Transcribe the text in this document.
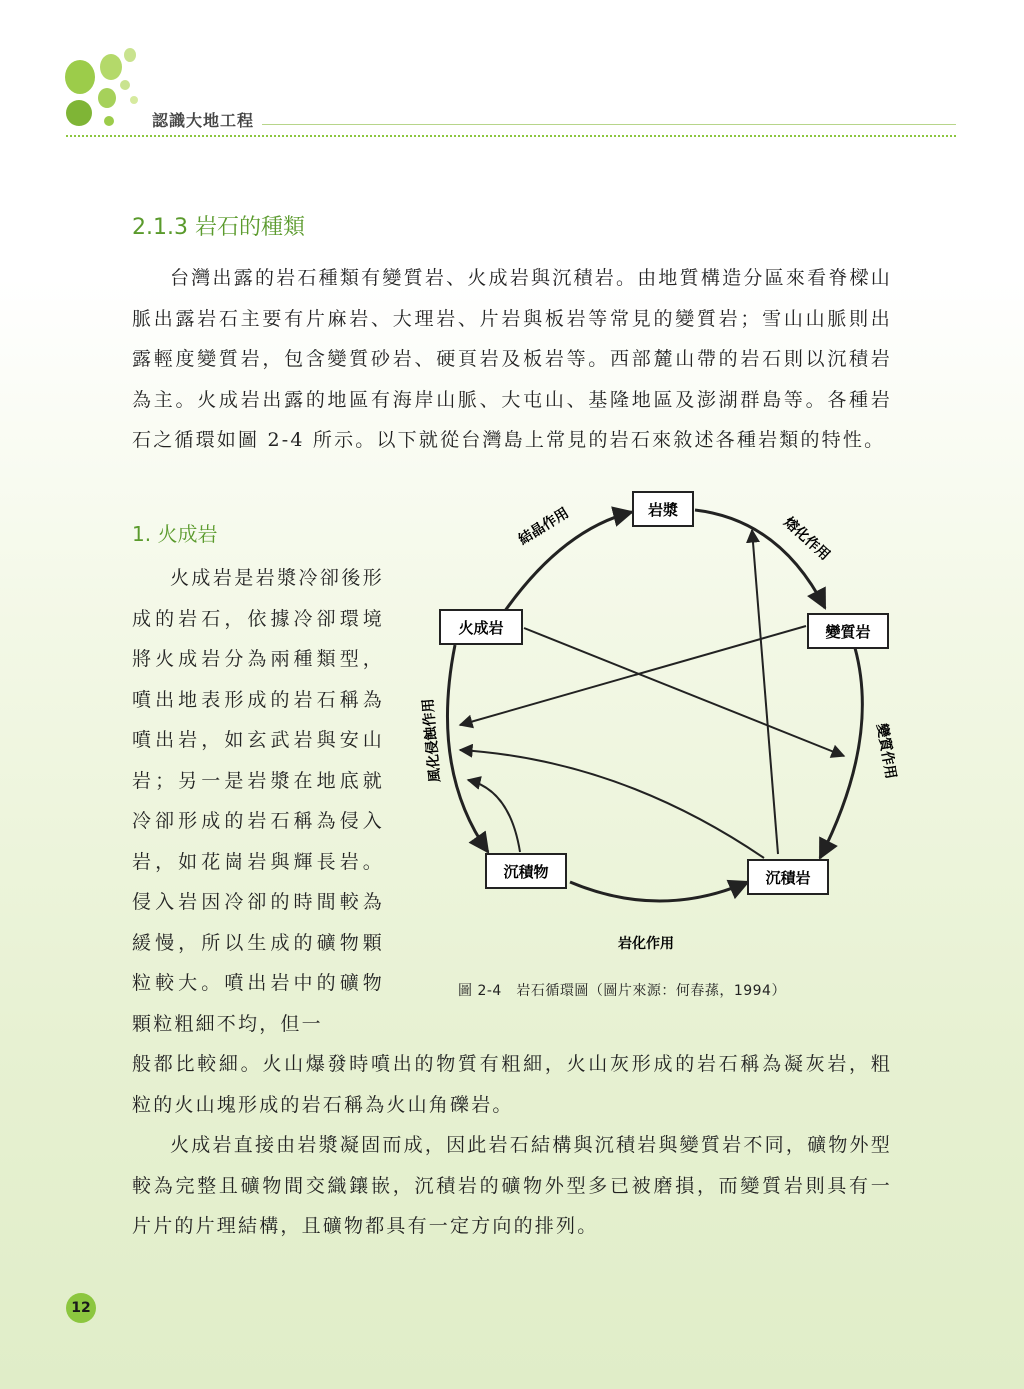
認識大地工程
2.1.3 岩石的種類

台灣出露的岩石種類有變質岩、火成岩與沉積岩。由地質構造分區來看脊樑山脈出露岩石主要有片麻岩、大理岩、片岩與板岩等常見的變質岩；雪山山脈則出露輕度變質岩，包含變質砂岩、硬頁岩及板岩等。西部麓山帶的岩石則以沉積岩為主。火成岩出露的地區有海岸山脈、大屯山、基隆地區及澎湖群島等。各種岩石之循環如圖 2-4 所示。以下就從台灣島上常見的岩石來敘述各種岩類的特性。

1. 火成岩

火成岩是岩漿冷卻後形成的岩石，依據冷卻環境將火成岩分為兩種類型，噴出地表形成的岩石稱為噴出岩，如玄武岩與安山岩；另一是岩漿在地底就冷卻形成的岩石稱為侵入岩，如花崗岩與輝長岩。侵入岩因冷卻的時間較為緩慢，所以生成的礦物顆粒較大。噴出岩中的礦物顆粒粗細不均，但一

岩漿
火成岩	變質岩
沉積物	沉積岩
結晶作用	熔化作用
變質作用
岩化作用
風化侵蝕作用
圖 2-4　岩石循環圖（圖片來源：何春蓀，1994）

般都比較細。火山爆發時噴出的物質有粗細，火山灰形成的岩石稱為凝灰岩，粗粒的火山塊形成的岩石稱為火山角礫岩。

火成岩直接由岩漿凝固而成，因此岩石結構與沉積岩與變質岩不同，礦物外型較為完整且礦物間交織鑲嵌，沉積岩的礦物外型多已被磨損，而變質岩則具有一片片的片理結構，且礦物都具有一定方向的排列。

12
